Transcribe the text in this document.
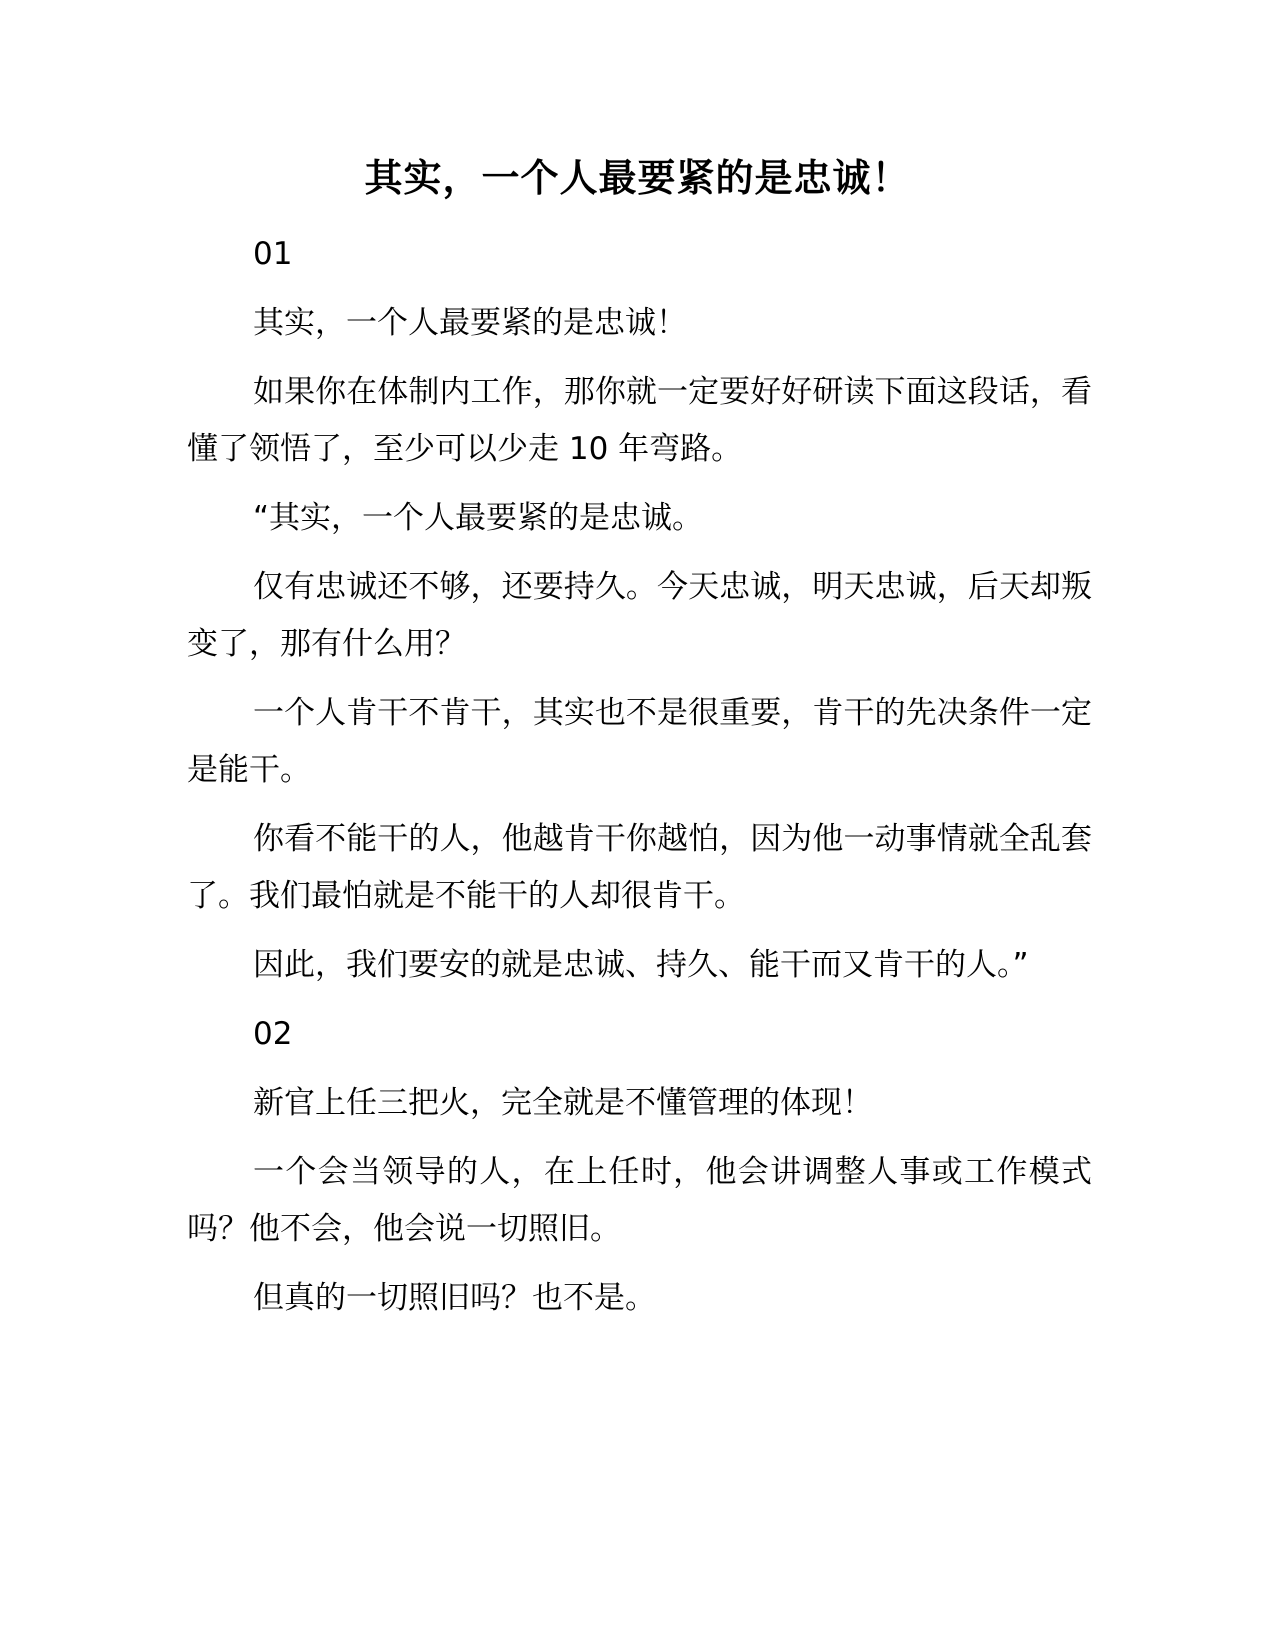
其实，一个人最要紧的是忠诚！

01

其实，一个人最要紧的是忠诚！

如果你在体制内工作，那你就一定要好好研读下面这段话，看懂了领悟了，至少可以少走 10 年弯路。

“其实，一个人最要紧的是忠诚。

仅有忠诚还不够，还要持久。今天忠诚，明天忠诚，后天却叛变了，那有什么用？

一个人肯干不肯干，其实也不是很重要，肯干的先决条件一定是能干。

你看不能干的人，他越肯干你越怕，因为他一动事情就全乱套了。我们最怕就是不能干的人却很肯干。

因此，我们要安的就是忠诚、持久、能干而又肯干的人。”

02

新官上任三把火，完全就是不懂管理的体现！

一个会当领导的人，在上任时，他会讲调整人事或工作模式吗？他不会，他会说一切照旧。

但真的一切照旧吗？也不是。
